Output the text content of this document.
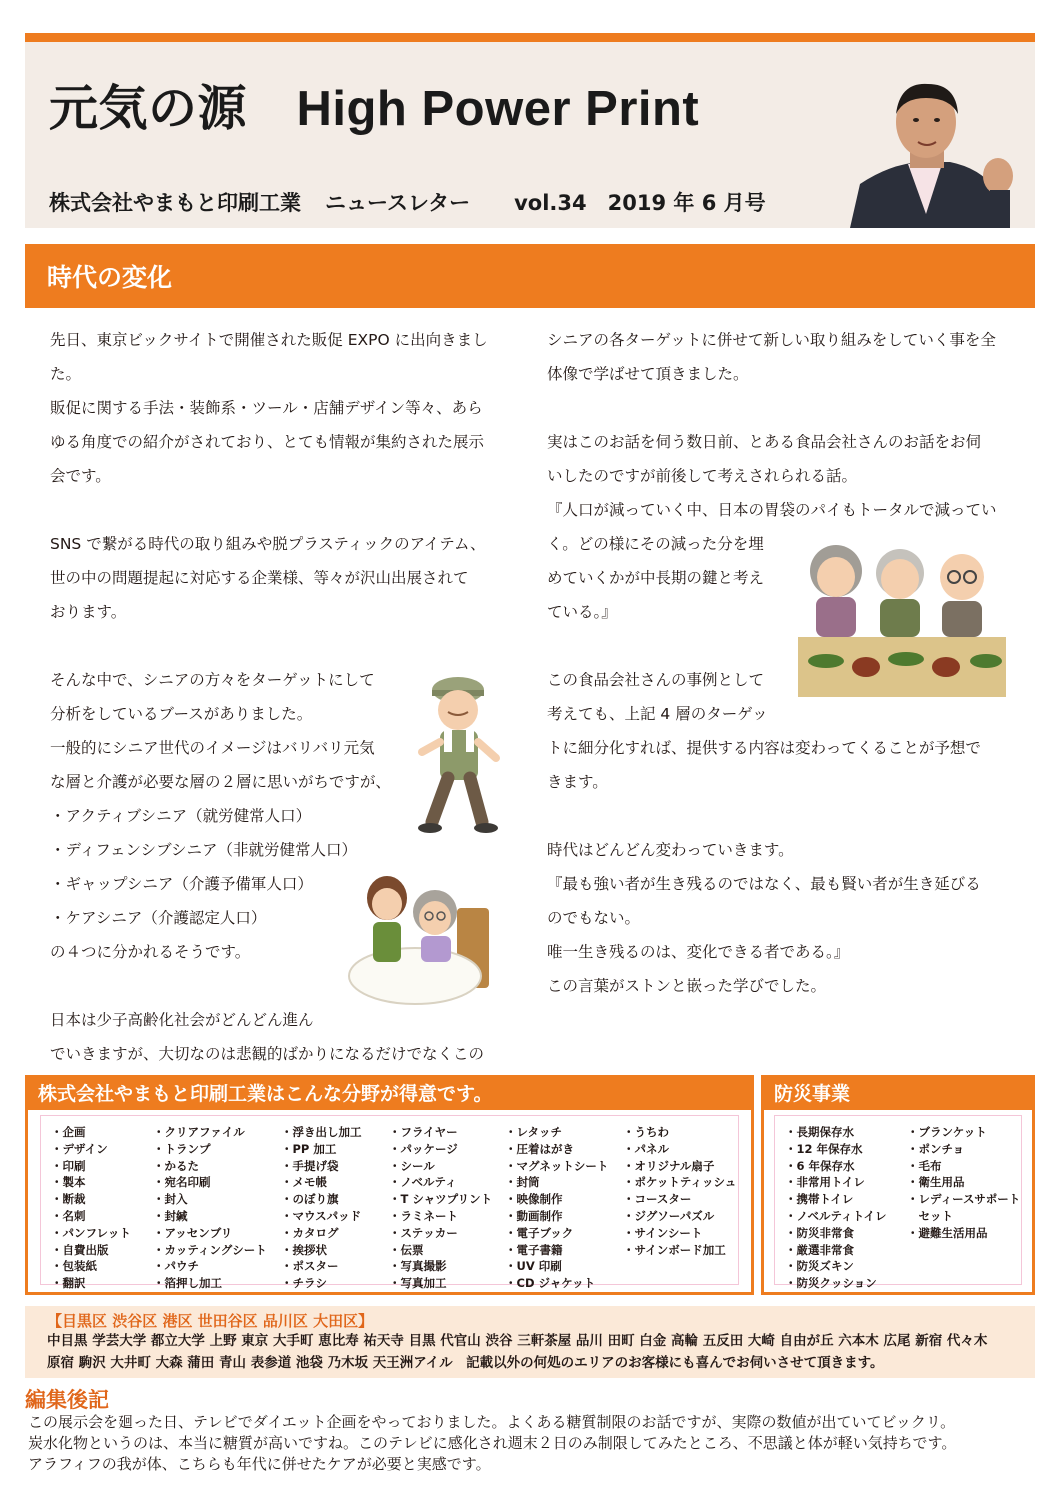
元気の源　High Power Print
株式会社やまもと印刷工業 ニュースレター vol.34　2019 年 6 月号
時代の変化

先日、東京ビックサイトで開催された販促 EXPO に出向きまし

た。

販促に関する手法・装飾系・ツール・店舗デザイン等々、あら

ゆる角度での紹介がされており、とても情報が集約された展示

会です。

SNS で繋がる時代の取り組みや脱プラスティックのアイテム、

世の中の問題提起に対応する企業様、等々が沢山出展されて

おります。

そんな中で、シニアの方々をターゲットにして

分析をしているブースがありました。

一般的にシニア世代のイメージはバリバリ元気

な層と介護が必要な層の２層に思いがちですが、

・アクティブシニア（就労健常人口）

・ディフェンシブシニア（非就労健常人口）

・ギャップシニア（介護予備軍人口）

・ケアシニア（介護認定人口）

の４つに分かれるそうです。

日本は少子高齢化社会がどんどん進ん

でいきますが、大切なのは悲観的ばかりになるだけでなくこの

シニアの各ターゲットに併せて新しい取り組みをしていく事を全

体像で学ばせて頂きました。

実はこのお話を伺う数日前、とある食品会社さんのお話をお伺

いしたのですが前後して考えされられる話。

『人口が減っていく中、日本の胃袋のパイもトータルで減ってい

く。どの様にその減った分を埋

めていくかが中長期の鍵と考え

ている。』

この食品会社さんの事例として

考えても、上記 4 層のターゲッ

トに細分化すれば、提供する内容は変わってくることが予想で

きます。

時代はどんどん変わっていきます。

『最も強い者が生き残るのではなく、最も賢い者が生き延びる

のでもない。

唯一生き残るのは、変化できる者である。』

この言葉がストンと嵌った学びでした。

株式会社やまもと印刷工業はこんな分野が得意です。
・企画
・デザイン
・印刷
・製本
・断裁
・名刺
・パンフレット
・自費出版
・包装紙
・翻訳
・クリアファイル
・トランプ
・かるた
・宛名印刷
・封入
・封緘
・アッセンブリ
・カッティングシート
・パウチ
・箔押し加工
・浮き出し加工
・PP 加工
・手提げ袋
・メモ帳
・のぼり旗
・マウスパッド
・カタログ
・挨拶状
・ポスター
・チラシ
・フライヤー
・パッケージ
・シール
・ノベルティ
・T シャツプリント
・ラミネート
・ステッカー
・伝票
・写真撮影
・写真加工
・レタッチ
・圧着はがき
・マグネットシート
・封筒
・映像制作
・動画制作
・電子ブック
・電子書籍
・UV 印刷
・CD ジャケット
・うちわ
・パネル
・オリジナル扇子
・ポケットティッシュ
・コースター
・ジグソーパズル
・サインシート
・サインボード加工
防災事業
・長期保存水
・12 年保存水
・6 年保存水
・非常用トイレ
・携帯トイレ
・ノベルティトイレ
・防災非常食
・厳選非常食
・防災ズキン
・防災クッション
・ブランケット
・ポンチョ
・毛布
・衛生用品
・レディースサポート
　セット
・避難生活用品
【目黒区 渋谷区 港区 世田谷区 品川区 大田区】
中目黒 学芸大学 都立大学 上野 東京 大手町 恵比寿 祐天寺 目黒 代官山 渋谷 三軒茶屋 品川 田町 白金 高輪 五反田 大崎 自由が丘 六本木 広尾 新宿 代々木
原宿 駒沢 大井町 大森 蒲田 青山 表参道 池袋 乃木坂 天王洲アイル　記載以外の何処のエリアのお客様にも喜んでお伺いさせて頂きます。
編集後記

この展示会を廻った日、テレビでダイエット企画をやっておりました。よくある糖質制限のお話ですが、実際の数値が出ていてビックリ。

炭水化物というのは、本当に糖質が高いですね。このテレビに感化され週末２日のみ制限してみたところ、不思議と体が軽い気持ちです。

アラフィフの我が体、こちらも年代に併せたケアが必要と実感です。
